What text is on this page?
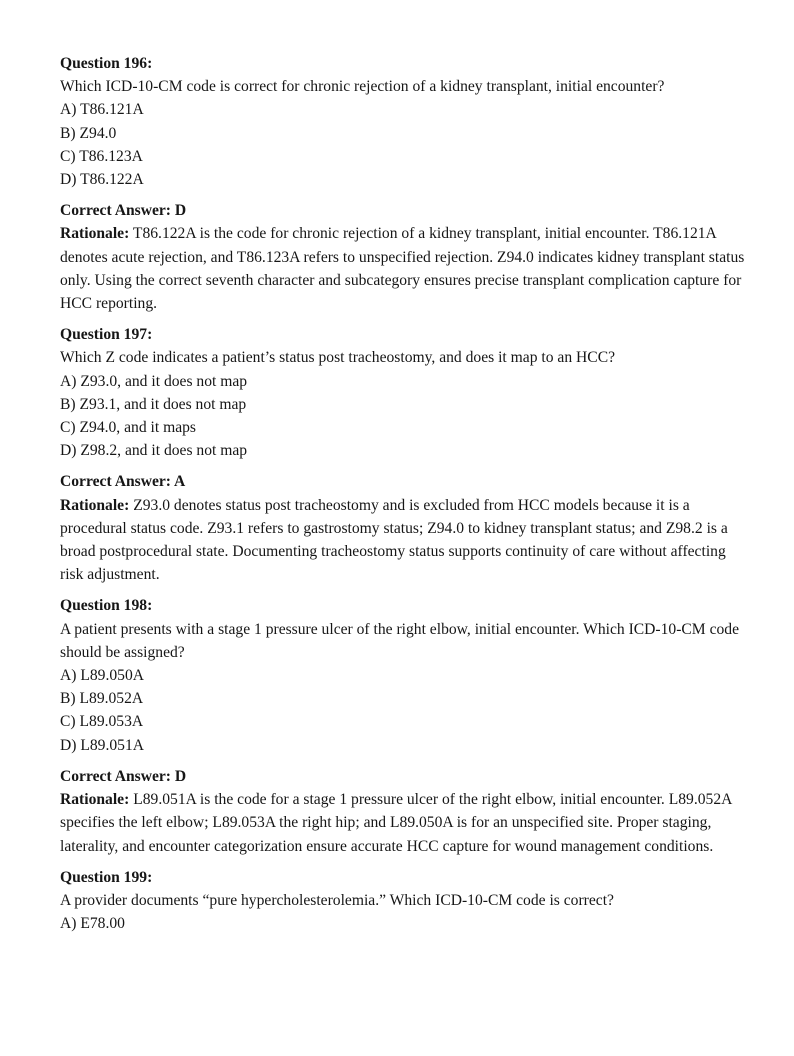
Question 196:
Which ICD-10-CM code is correct for chronic rejection of a kidney transplant, initial encounter?
A) T86.121A
B) Z94.0
C) T86.123A
D) T86.122A
Correct Answer: D
Rationale: T86.122A is the code for chronic rejection of a kidney transplant, initial encounter. T86.121A denotes acute rejection, and T86.123A refers to unspecified rejection. Z94.0 indicates kidney transplant status only. Using the correct seventh character and subcategory ensures precise transplant complication capture for HCC reporting.
Question 197:
Which Z code indicates a patient’s status post tracheostomy, and does it map to an HCC?
A) Z93.0, and it does not map
B) Z93.1, and it does not map
C) Z94.0, and it maps
D) Z98.2, and it does not map
Correct Answer: A
Rationale: Z93.0 denotes status post tracheostomy and is excluded from HCC models because it is a procedural status code. Z93.1 refers to gastrostomy status; Z94.0 to kidney transplant status; and Z98.2 is a broad postprocedural state. Documenting tracheostomy status supports continuity of care without affecting risk adjustment.
Question 198:
A patient presents with a stage 1 pressure ulcer of the right elbow, initial encounter. Which ICD-10-CM code should be assigned?
A) L89.050A
B) L89.052A
C) L89.053A
D) L89.051A
Correct Answer: D
Rationale: L89.051A is the code for a stage 1 pressure ulcer of the right elbow, initial encounter. L89.052A specifies the left elbow; L89.053A the right hip; and L89.050A is for an unspecified site. Proper staging, laterality, and encounter categorization ensure accurate HCC capture for wound management conditions.
Question 199:
A provider documents “pure hypercholesterolemia.” Which ICD-10-CM code is correct?
A) E78.00
